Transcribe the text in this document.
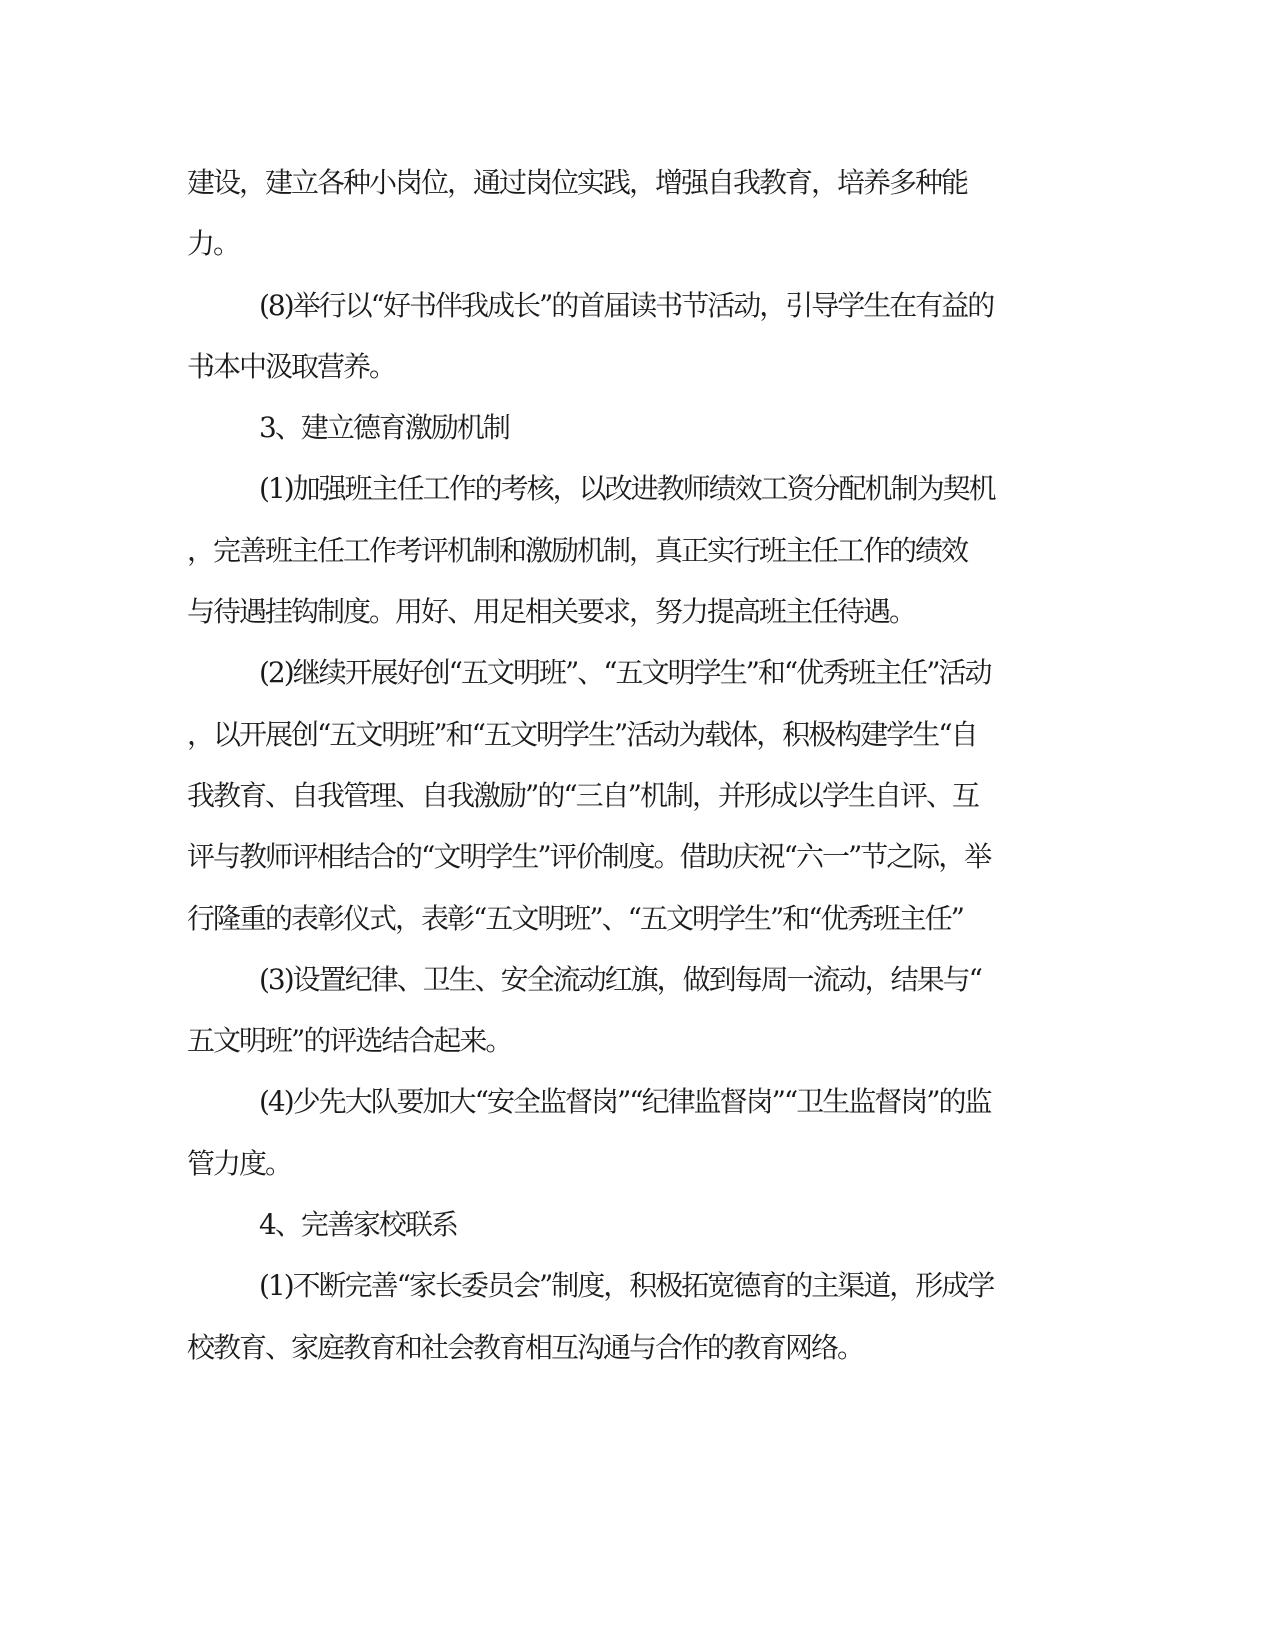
建设，建立各种小岗位，通过岗位实践，增强自我教育，培养多种能
力。
(8)举行以“好书伴我成长”的首届读书节活动，引导学生在有益的
书本中汲取营养。
3、建立德育激励机制
(1)加强班主任工作的考核，以改进教师绩效工资分配机制为契机
，完善班主任工作考评机制和激励机制，真正实行班主任工作的绩效
与待遇挂钩制度。用好、用足相关要求，努力提高班主任待遇。
(2)继续开展好创“五文明班”、“五文明学生”和“优秀班主任”活动
，以开展创“五文明班”和“五文明学生”活动为载体，积极构建学生“自
我教育、自我管理、自我激励”的“三自”机制，并形成以学生自评、互
评与教师评相结合的“文明学生”评价制度。借助庆祝“六一”节之际，举
行隆重的表彰仪式，表彰“五文明班”、“五文明学生”和“优秀班主任”
(3)设置纪律、卫生、安全流动红旗，做到每周一流动，结果与“
五文明班”的评选结合起来。
(4)少先大队要加大“安全监督岗”“纪律监督岗”“卫生监督岗”的监
管力度。
4、完善家校联系
(1)不断完善“家长委员会”制度，积极拓宽德育的主渠道，形成学
校教育、家庭教育和社会教育相互沟通与合作的教育网络。
